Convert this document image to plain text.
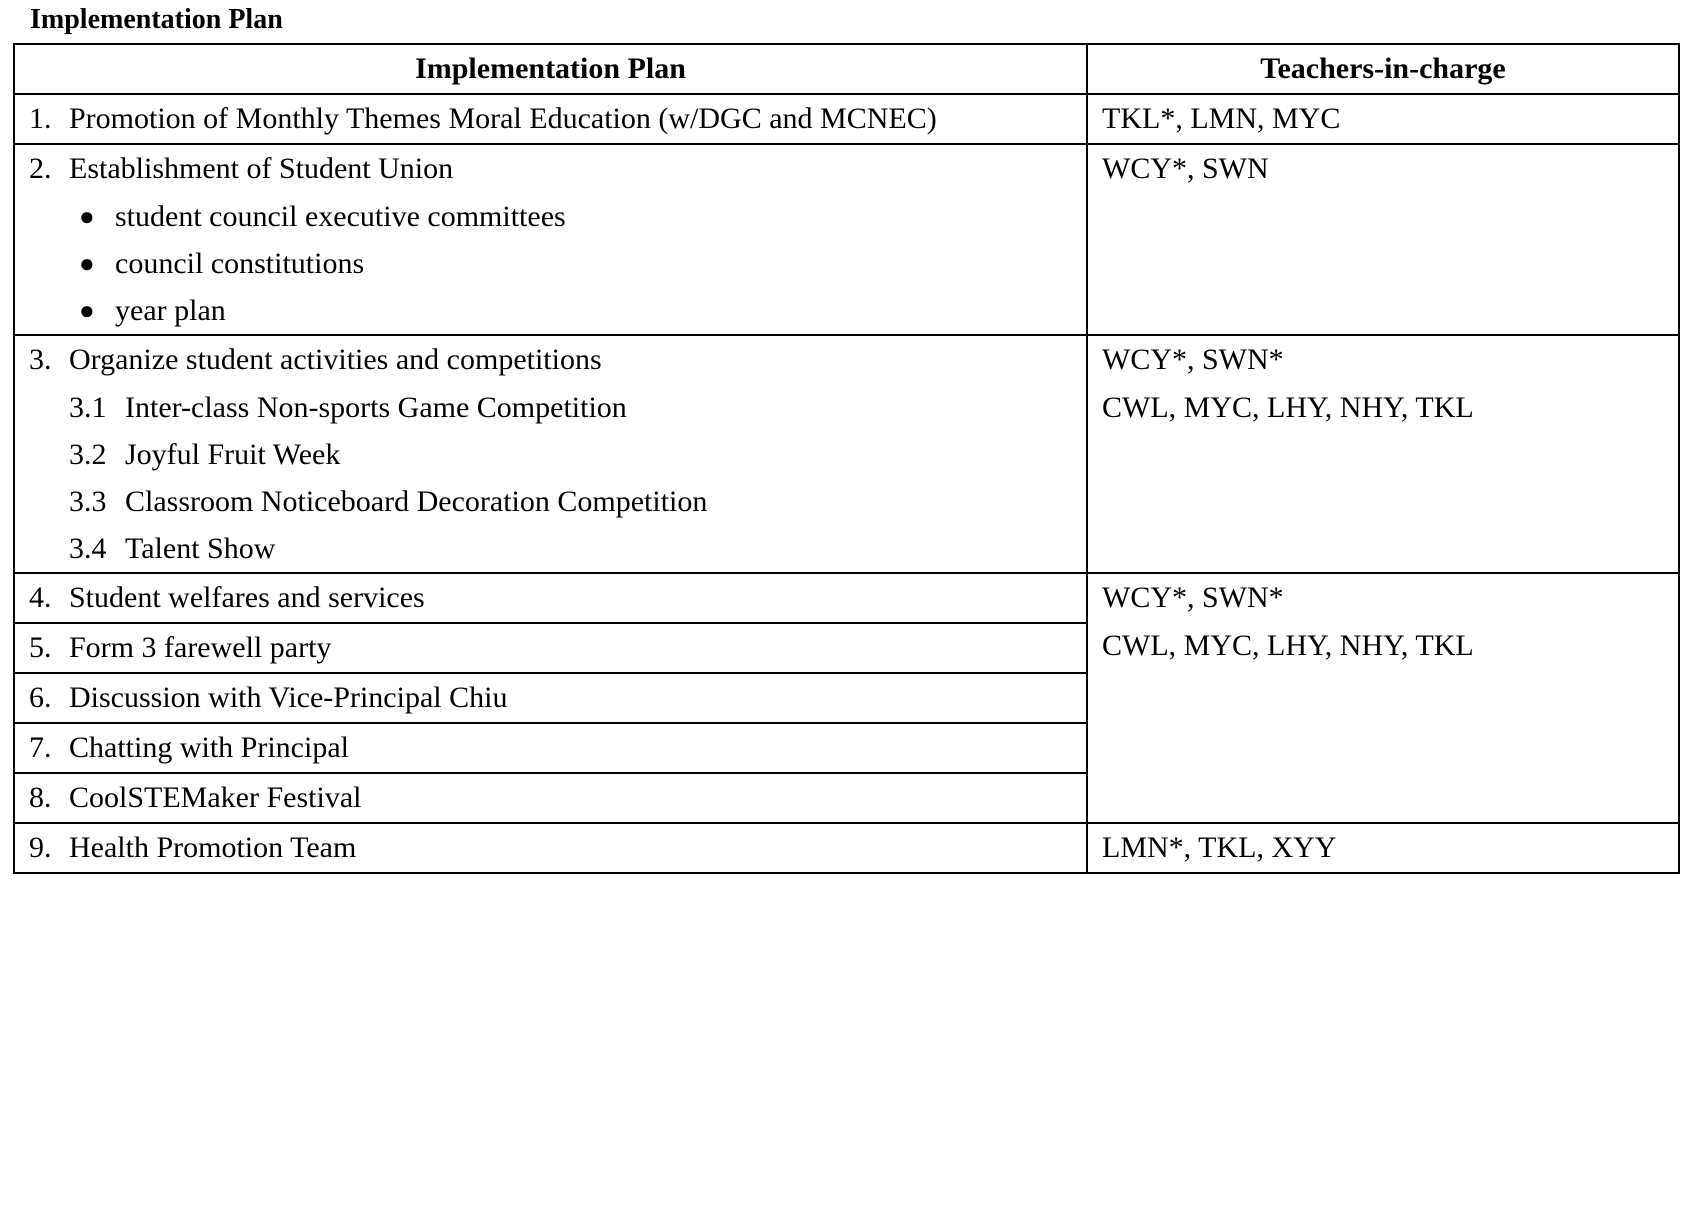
Implementation Plan
Implementation Plan	Teachers-in-charge

1. Promotion of Monthly Themes Moral Education (w/DGC and MCNEC)	TKL*, LMN, MYC

2. Establishment of Student Union
● student council executive committees
● council constitutions
● year plan	WCY*, SWN

3. Organize student activities and competitions
3.1 Inter-class Non-sports Game Competition
3.2 Joyful Fruit Week
3.3 Classroom Noticeboard Decoration Competition
3.4 Talent Show	WCY*, SWN*
CWL, MYC, LHY, NHY, TKL

4. Student welfares and services	WCY*, SWN*
CWL, MYC, LHY, NHY, TKL

5. Form 3 farewell party	

6. Discussion with Vice-Principal Chiu	

7. Chatting with Principal	

8. CoolSTEMaker Festival	

9. Health Promotion Team	LMN*, TKL, XYY
